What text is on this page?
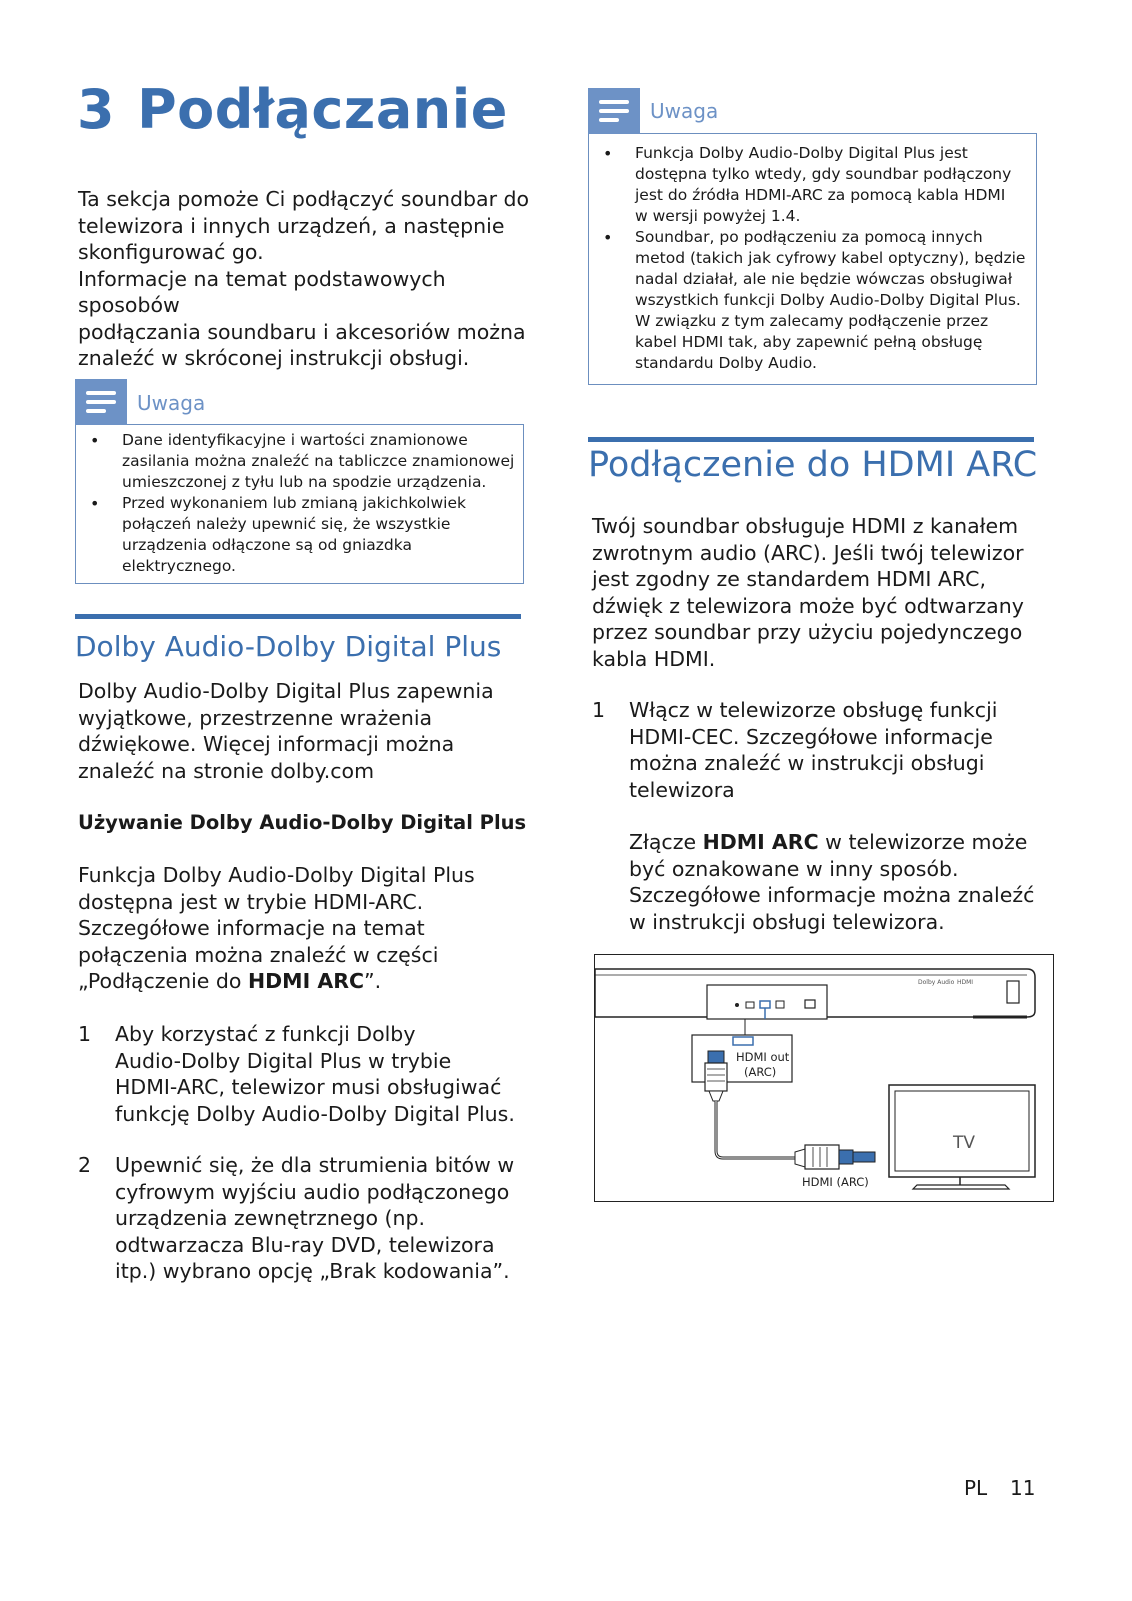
3 Podłączanie
Ta sekcja pomoże Ci podłączyć soundbar do
telewizora i innych urządzeń, a następnie
skonfigurować go.
Informacje na temat podstawowych sposobów
podłączania soundbaru i akcesoriów można
znaleźć w skróconej instrukcji obsługi.
• Dane identyfikacyjne i wartości znamionowe
zasilania można znaleźć na tabliczce znamionowej
umieszczonej z tyłu lub na spodzie urządzenia.
• Przed wykonaniem lub zmianą jakichkolwiek
połączeń należy upewnić się, że wszystkie
urządzenia odłączone są od gniazdka
elektrycznego.
Uwaga
Dolby Audio-Dolby Digital Plus
Dolby Audio-Dolby Digital Plus zapewnia
wyjątkowe, przestrzenne wrażenia
dźwiękowe. Więcej informacji można
znaleźć na stronie dolby.com
Używanie Dolby Audio-Dolby Digital Plus
Funkcja Dolby Audio-Dolby Digital Plus
dostępna jest w trybie HDMI-ARC.
Szczegółowe informacje na temat
połączenia można znaleźć w części
„Podłączenie do HDMI ARC”.
1 Aby korzystać z funkcji Dolby
Audio-Dolby Digital Plus w trybie
HDMI-ARC, telewizor musi obsługiwać
funkcję Dolby Audio-Dolby Digital Plus.
2 Upewnić się, że dla strumienia bitów w
cyfrowym wyjściu audio podłączonego
urządzenia zewnętrznego (np.
odtwarzacza Blu-ray DVD, telewizora
itp.) wybrano opcję „Brak kodowania”.
• Funkcja Dolby Audio-Dolby Digital Plus jest
dostępna tylko wtedy, gdy soundbar podłączony
jest do źródła HDMI-ARC za pomocą kabla HDMI
w wersji powyżej 1.4.
• Soundbar, po podłączeniu za pomocą innych
metod (takich jak cyfrowy kabel optyczny), będzie
nadal działał, ale nie będzie wówczas obsługiwał
wszystkich funkcji Dolby Audio-Dolby Digital Plus.
W związku z tym zalecamy podłączenie przez
kabel HDMI tak, aby zapewnić pełną obsługę
standardu Dolby Audio.
Uwaga
Podłączenie do HDMI ARC
Twój soundbar obsługuje HDMI z kanałem
zwrotnym audio (ARC). Jeśli twój telewizor
jest zgodny ze standardem HDMI ARC,
dźwięk z telewizora może być odtwarzany
przez soundbar przy użyciu pojedynczego
kabla HDMI.
1 Włącz w telewizorze obsługę funkcji
HDMI-CEC. Szczegółowe informacje
można znaleźć w instrukcji obsługi
telewizora
Złącze HDMI ARC w telewizorze może
być oznakowane w inny sposób.
Szczegółowe informacje można znaleźć
w instrukcji obsługi telewizora.
Dolby Audio HDMI
HDMI out
(ARC)
HDMI (ARC)
TV
PL 11
